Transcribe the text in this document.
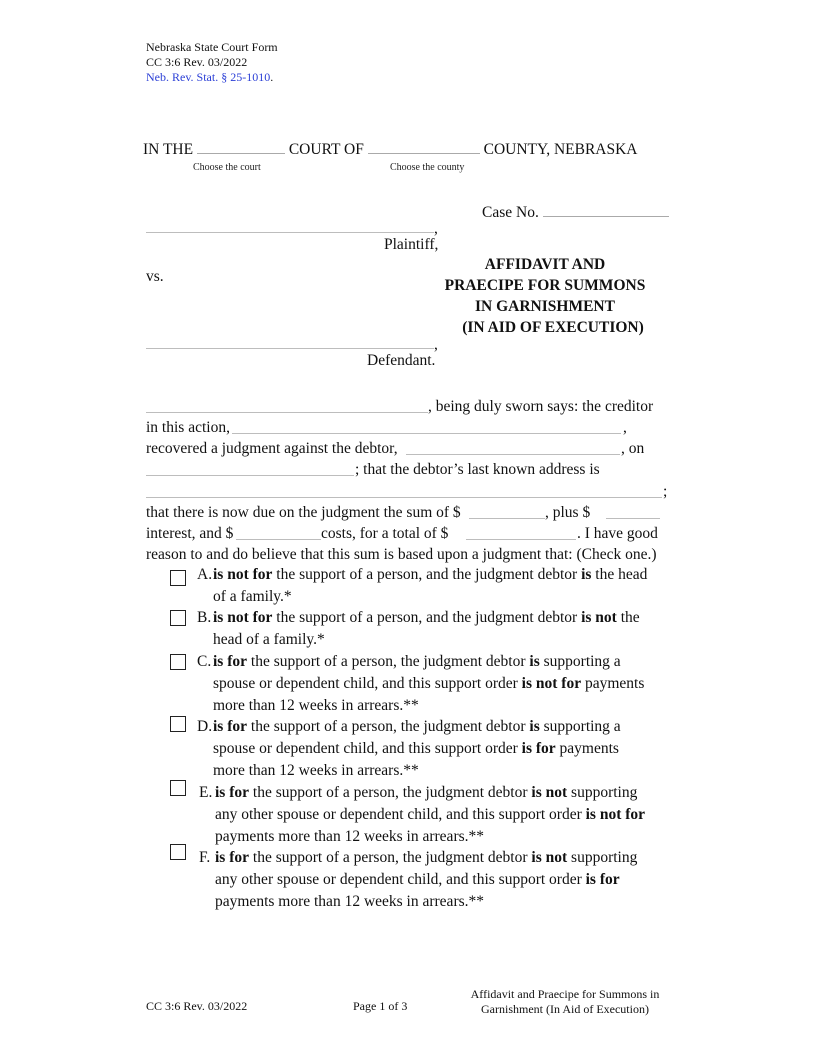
Nebraska State Court Form
CC 3:6 Rev. 03/2022
Neb. Rev. Stat. § 25-1010.
IN THE	COURT OF	COUNTY, NEBRASKA
Choose the court	Choose the county
Case No.
,
Plaintiff,
vs.
AFFIDAVIT AND
PRAECIPE FOR SUMMONS
IN GARNISHMENT
(IN AID OF EXECUTION)
,
Defendant.
, being duly sworn says: the creditor
in this action,	,
recovered a judgment against the debtor,	, on
; that the debtor’s last known address is
;
that there is now due on the judgment the sum of $	, plus $
interest, and $	costs, for a total of $	. I have good
reason to and do believe that this sum is based upon a judgment that: (Check one.)
A. is not for the support of a person, and the judgment debtor is the head
of a family.*
B. is not for the support of a person, and the judgment debtor is not the
head of a family.*
C. is for the support of a person, the judgment debtor is supporting a
spouse or dependent child, and this support order is not for payments
more than 12 weeks in arrears.**
D. is for the support of a person, the judgment debtor is supporting a
spouse or dependent child, and this support order is for payments
more than 12 weeks in arrears.**
E. is for the support of a person, the judgment debtor is not supporting
any other spouse or dependent child, and this support order is not for
payments more than 12 weeks in arrears.**
F. is for the support of a person, the judgment debtor is not supporting
any other spouse or dependent child, and this support order is for
payments more than 12 weeks in arrears.**
CC 3:6 Rev. 03/2022	Page 1 of 3
Affidavit and Praecipe for Summons in
Garnishment (In Aid of Execution)
